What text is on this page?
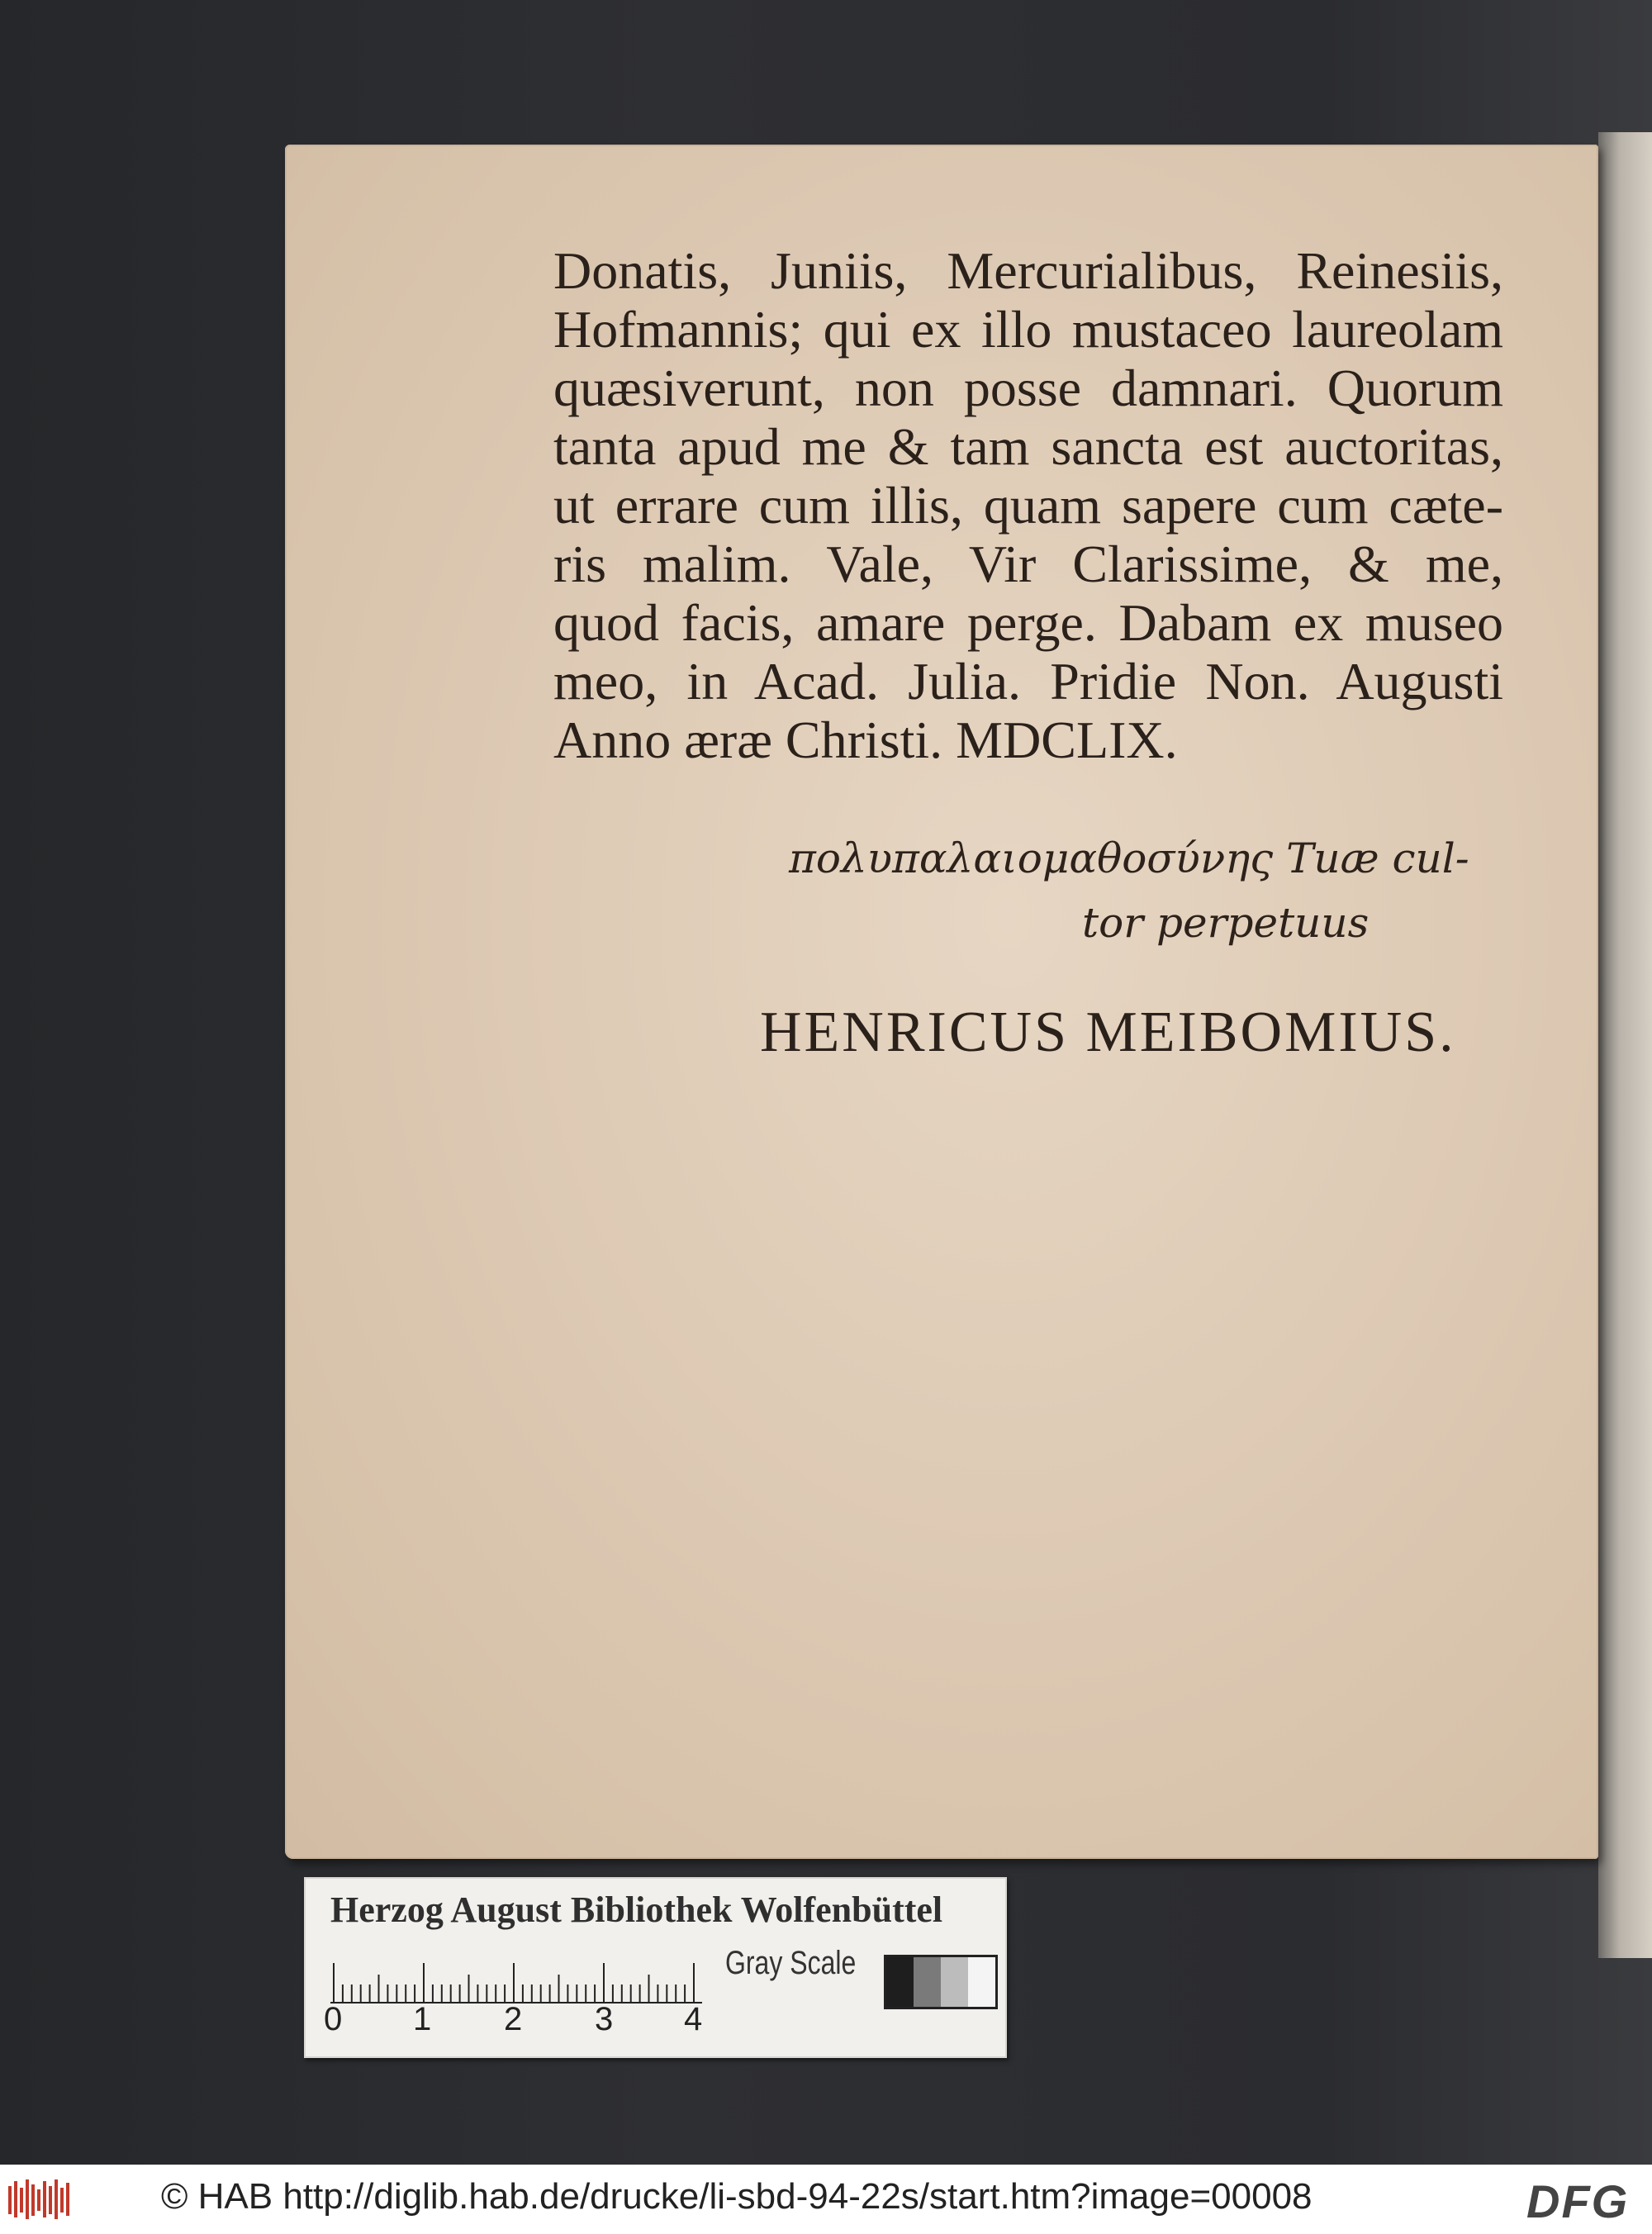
Donatis, Juniis, Mercurialibus, Reinesiis,
Hofmannis; qui ex illo mustaceo laureolam
quæsiverunt, non posse damnari. Quorum
tanta apud me & tam sancta est auctoritas,
ut errare cum illis, quam sapere cum cæte-
ris malim. Vale, Vir Clarissime, & me,
quod facis, amare perge. Dabam ex museo
meo, in Acad. Julia. Pridie Non. Augusti
Anno æræ Christi. MDCLIX.
πολυπαλαιομαθοσύνης Tuæ cul-
tor perpetuus
HENRICUS MEIBOMIUS.
Herzog August Bibliothek Wolfenbüttel
0 1 2 3 4
Gray Scale
© HAB http://diglib.hab.de/drucke/li-sbd-94-22s/start.htm?image=00008	DFG
